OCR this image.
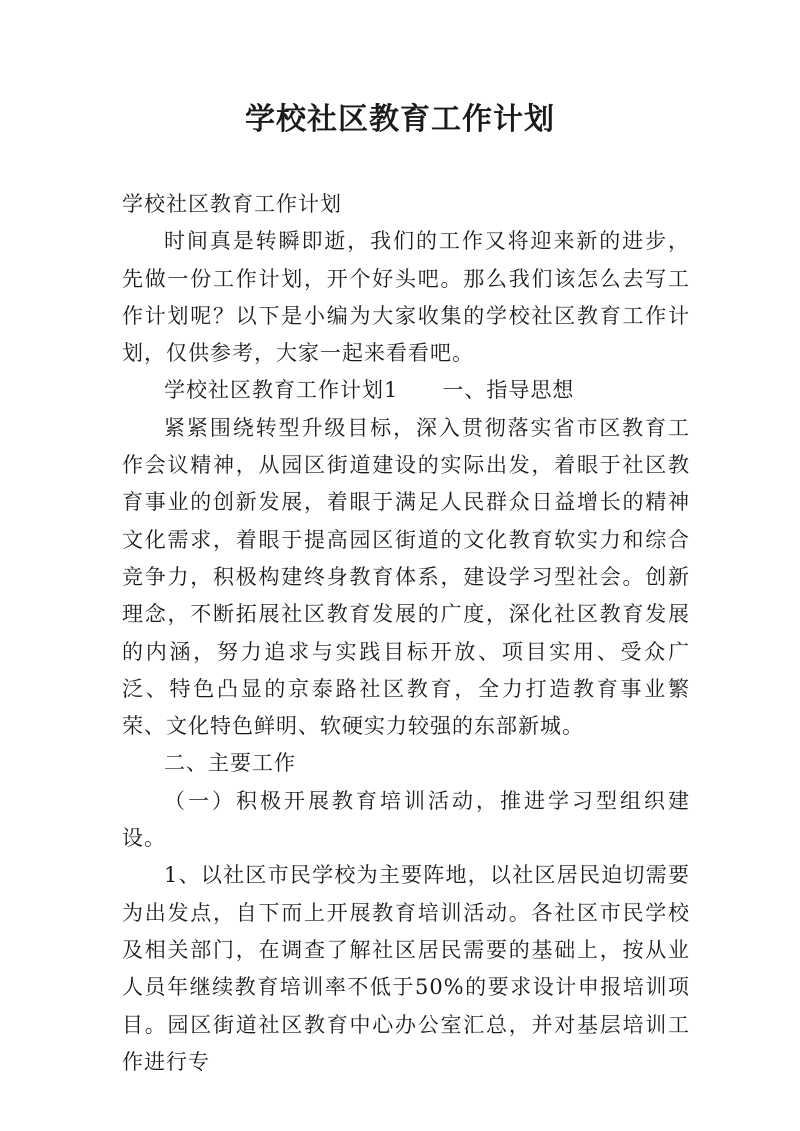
学校社区教育工作计划

学校社区教育工作计划

时间真是转瞬即逝，我们的工作又将迎来新的进步，先做一份工作计划，开个好头吧。那么我们该怎么去写工作计划呢？以下是小编为大家收集的学校社区教育工作计划，仅供参考，大家一起来看看吧。

学校社区教育工作计划1　　一、指导思想

紧紧围绕转型升级目标，深入贯彻落实省市区教育工作会议精神，从园区街道建设的实际出发，着眼于社区教育事业的创新发展，着眼于满足人民群众日益增长的精神文化需求，着眼于提高园区街道的文化教育软实力和综合竞争力，积极构建终身教育体系，建设学习型社会。创新理念，不断拓展社区教育发展的广度，深化社区教育发展的内涵，努力追求与实践目标开放、项目实用、受众广泛、特色凸显的京泰路社区教育，全力打造教育事业繁荣、文化特色鲜明、软硬实力较强的东部新城。

二、主要工作

（一）积极开展教育培训活动，推进学习型组织建设。

1、以社区市民学校为主要阵地，以社区居民迫切需要为出发点，自下而上开展教育培训活动。各社区市民学校及相关部门，在调查了解社区居民需要的基础上，按从业人员年继续教育培训率不低于50%的要求设计申报培训项目。园区街道社区教育中心办公室汇总，并对基层培训工作进行专
